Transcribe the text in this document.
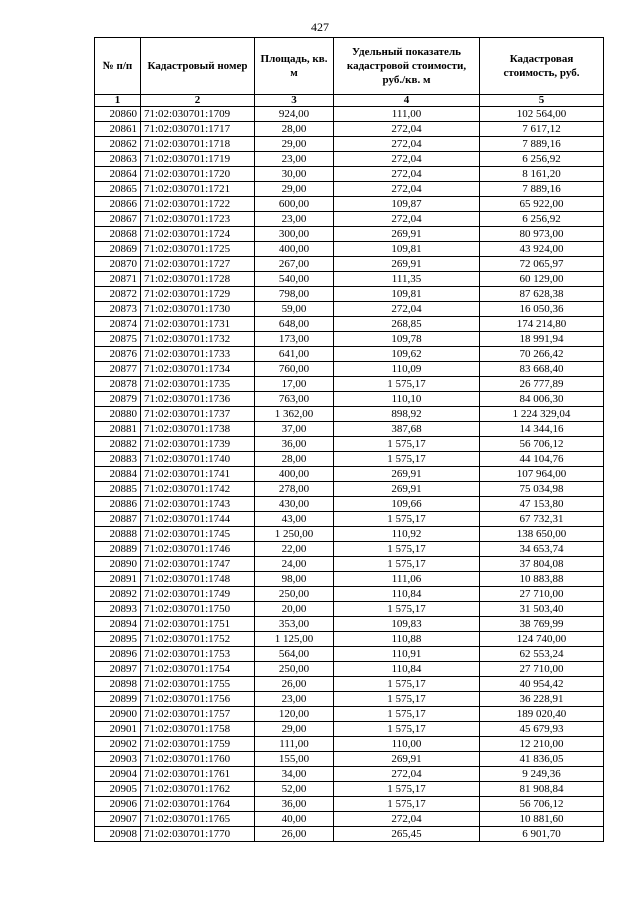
427
№ п/п	Кадастровый номер	Площадь, кв. м	Удельный показатель кадастровой стоимости, руб./кв. м	Кадастровая стоимость, руб.
1	2	3	4	5
20860	71:02:030701:1709	924,00	111,00	102 564,00
20861	71:02:030701:1717	28,00	272,04	7 617,12
20862	71:02:030701:1718	29,00	272,04	7 889,16
20863	71:02:030701:1719	23,00	272,04	6 256,92
20864	71:02:030701:1720	30,00	272,04	8 161,20
20865	71:02:030701:1721	29,00	272,04	7 889,16
20866	71:02:030701:1722	600,00	109,87	65 922,00
20867	71:02:030701:1723	23,00	272,04	6 256,92
20868	71:02:030701:1724	300,00	269,91	80 973,00
20869	71:02:030701:1725	400,00	109,81	43 924,00
20870	71:02:030701:1727	267,00	269,91	72 065,97
20871	71:02:030701:1728	540,00	111,35	60 129,00
20872	71:02:030701:1729	798,00	109,81	87 628,38
20873	71:02:030701:1730	59,00	272,04	16 050,36
20874	71:02:030701:1731	648,00	268,85	174 214,80
20875	71:02:030701:1732	173,00	109,78	18 991,94
20876	71:02:030701:1733	641,00	109,62	70 266,42
20877	71:02:030701:1734	760,00	110,09	83 668,40
20878	71:02:030701:1735	17,00	1 575,17	26 777,89
20879	71:02:030701:1736	763,00	110,10	84 006,30
20880	71:02:030701:1737	1 362,00	898,92	1 224 329,04
20881	71:02:030701:1738	37,00	387,68	14 344,16
20882	71:02:030701:1739	36,00	1 575,17	56 706,12
20883	71:02:030701:1740	28,00	1 575,17	44 104,76
20884	71:02:030701:1741	400,00	269,91	107 964,00
20885	71:02:030701:1742	278,00	269,91	75 034,98
20886	71:02:030701:1743	430,00	109,66	47 153,80
20887	71:02:030701:1744	43,00	1 575,17	67 732,31
20888	71:02:030701:1745	1 250,00	110,92	138 650,00
20889	71:02:030701:1746	22,00	1 575,17	34 653,74
20890	71:02:030701:1747	24,00	1 575,17	37 804,08
20891	71:02:030701:1748	98,00	111,06	10 883,88
20892	71:02:030701:1749	250,00	110,84	27 710,00
20893	71:02:030701:1750	20,00	1 575,17	31 503,40
20894	71:02:030701:1751	353,00	109,83	38 769,99
20895	71:02:030701:1752	1 125,00	110,88	124 740,00
20896	71:02:030701:1753	564,00	110,91	62 553,24
20897	71:02:030701:1754	250,00	110,84	27 710,00
20898	71:02:030701:1755	26,00	1 575,17	40 954,42
20899	71:02:030701:1756	23,00	1 575,17	36 228,91
20900	71:02:030701:1757	120,00	1 575,17	189 020,40
20901	71:02:030701:1758	29,00	1 575,17	45 679,93
20902	71:02:030701:1759	111,00	110,00	12 210,00
20903	71:02:030701:1760	155,00	269,91	41 836,05
20904	71:02:030701:1761	34,00	272,04	9 249,36
20905	71:02:030701:1762	52,00	1 575,17	81 908,84
20906	71:02:030701:1764	36,00	1 575,17	56 706,12
20907	71:02:030701:1765	40,00	272,04	10 881,60
20908	71:02:030701:1770	26,00	265,45	6 901,70
